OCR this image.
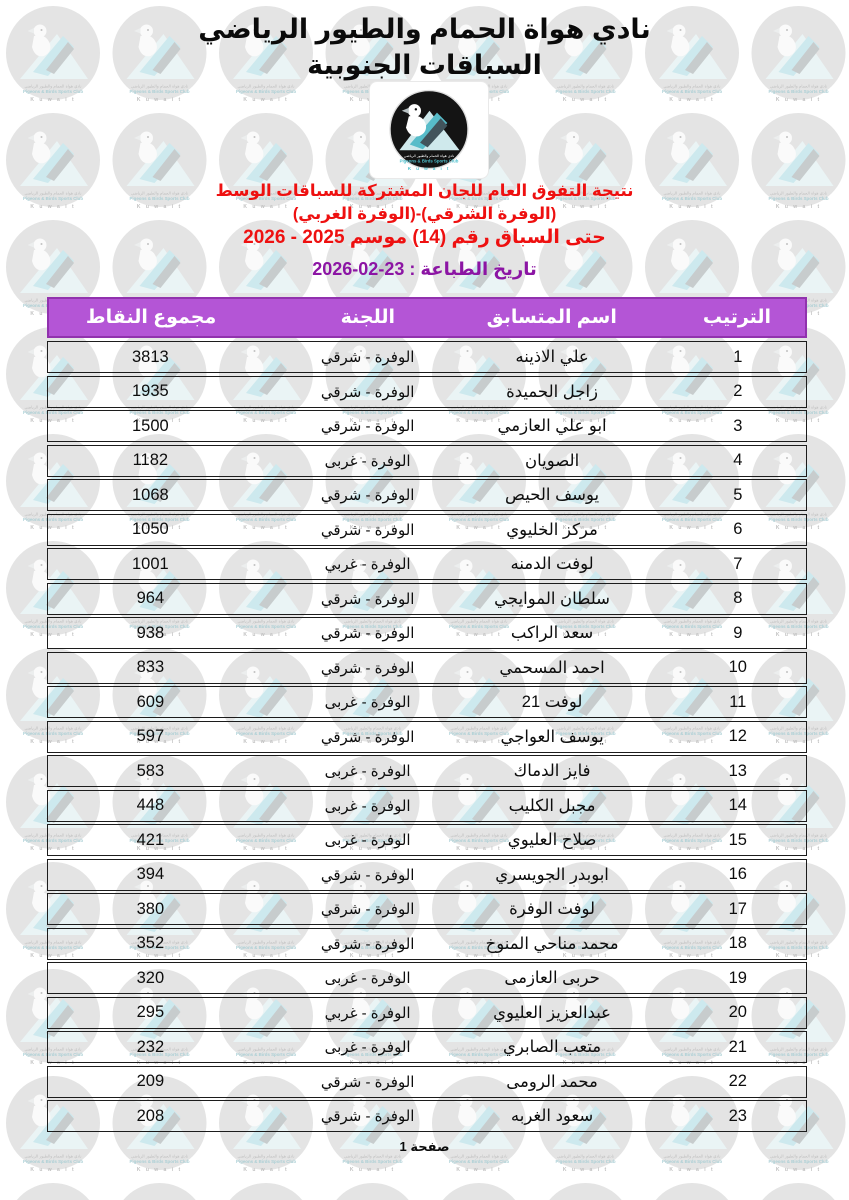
نادي هواة الحمام والطيور الرياضي
السباقات الجنوبية
نادي هواة الحمام والطيور الرياضي
Pigeons & Birds Sports Club
K u w a i t
نتيجة التفوق العام للجان المشتركة للسباقات الوسط
(الوفرة الشرقي)-(الوفرة الغربي)
حتى السباق رقم (14) موسم 2025 - 2026
تاريخ الطباعة : 23-02-2026
الترتيب
اسم المتسابق
اللجنة
مجموع النقاط
1
علي الاذينه
الوفرة - شرقي
3813
2
زاجل الحميدة
الوفرة - شرقي
1935
3
ابو علي العازمي
الوفرة - شرقي
1500
4
الصويان
الوفرة - غربى
1182
5
يوسف الحيص
الوفرة - شرقي
1068
6
مركز الخليوي
الوفرة - شرقي
1050
7
لوفت الدمنه
الوفرة - غربي
1001
8
سلطان الموايجي
الوفرة - شرقي
964
9
سعد الراكب
الوفرة - شرقي
938
10
احمد المسحمي
الوفرة - شرقي
833
11
لوفت 21
الوفرة - غربى
609
12
يوسف العواجي
الوفرة - شرقي
597
13
فايز الدماك
الوفرة - غربى
583
14
مجبل الكليب
الوفرة - غربى
448
15
صلاح العليوي
الوفرة - غربى
421
16
ابوبدر الجويسري
الوفرة - شرقي
394
17
لوفت الوفرة
الوفرة - شرقي
380
18
محمد مناحي المنوخ
الوفرة - شرقي
352
19
حربى العازمى
الوفرة - غربى
320
20
عبدالعزيز العليوي
الوفرة - غربي
295
21
متعب الصابري
الوفرة - غربى
232
22
محمد الرومى
الوفرة - شرقي
209
23
سعود الغربه
الوفرة - شرقي
208
صفحة 1
